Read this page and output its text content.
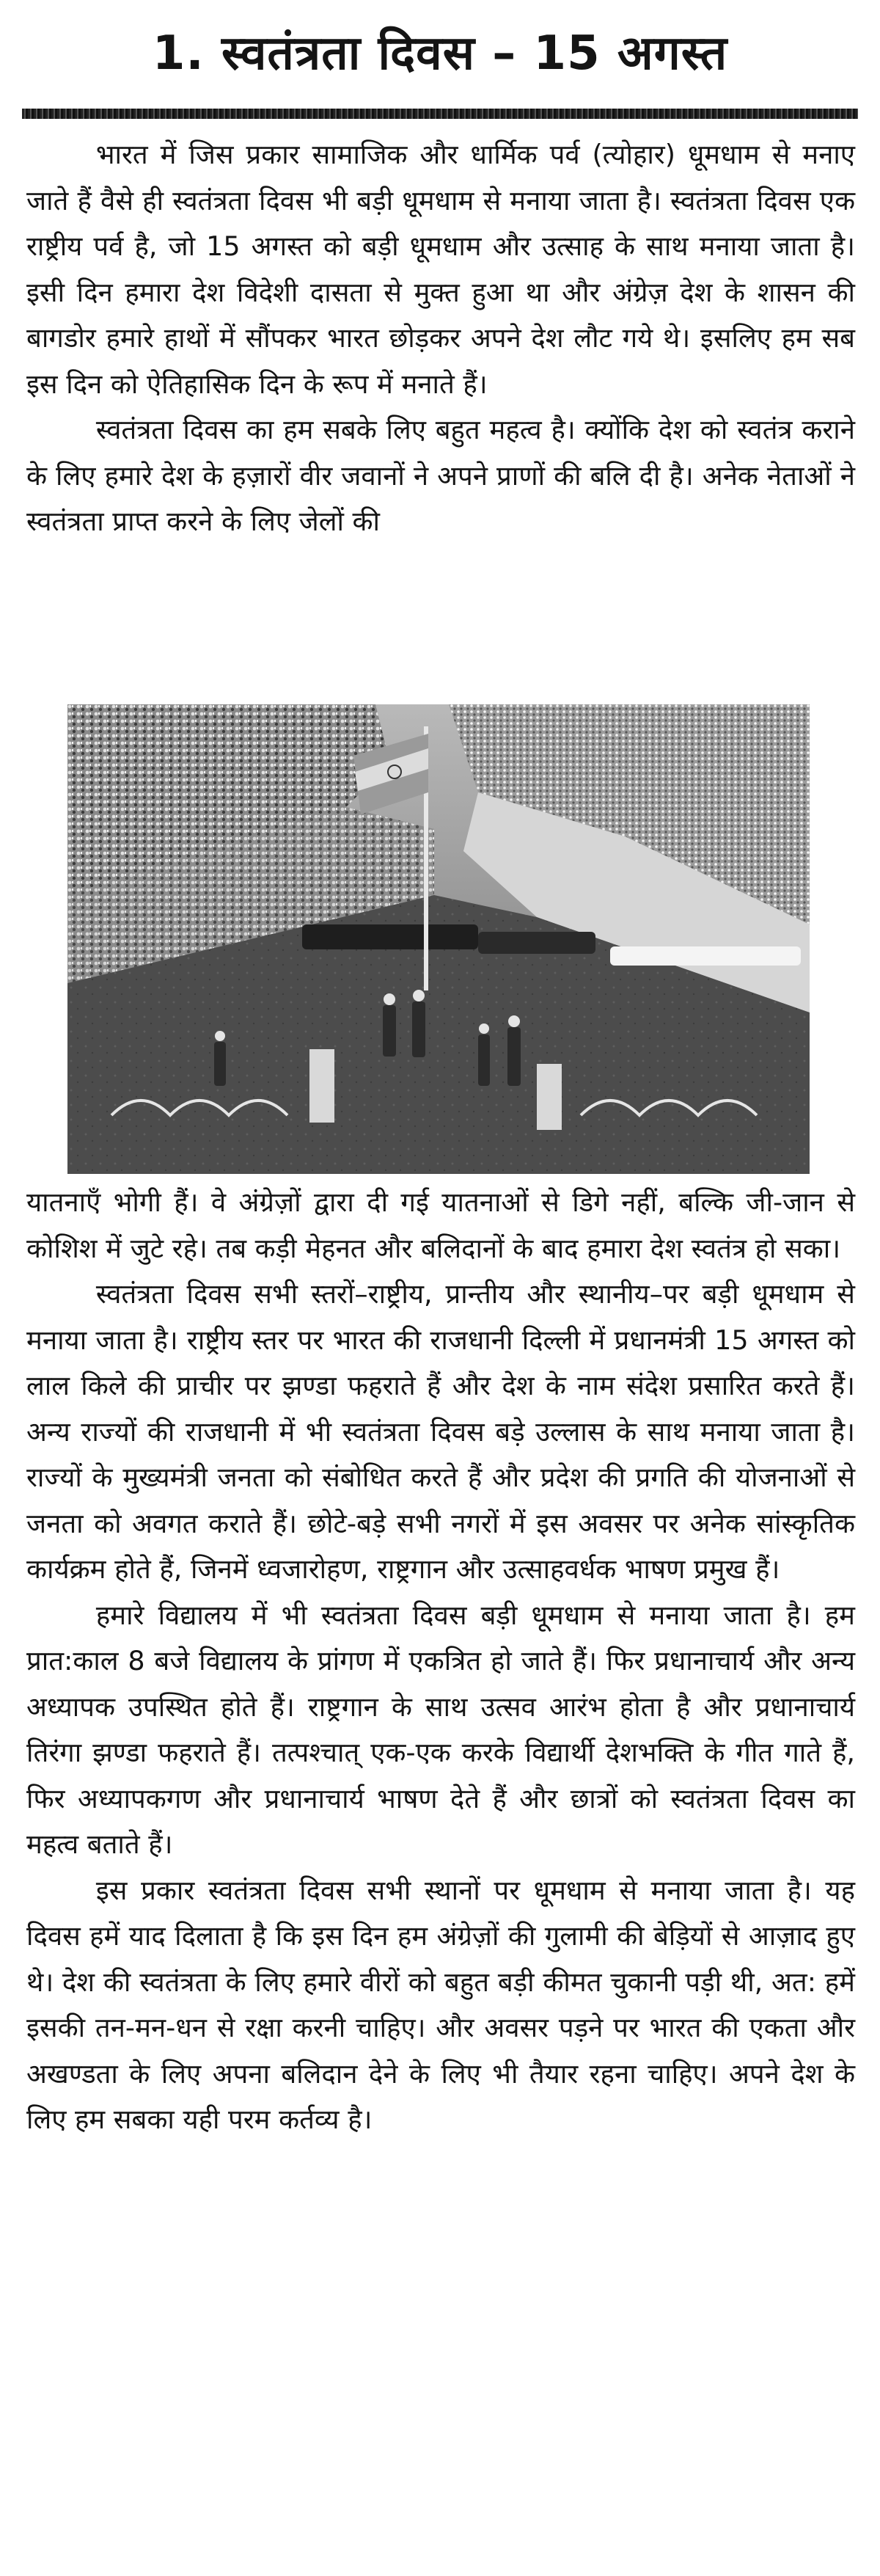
1. स्वतंत्रता दिवस – 15 अगस्त

भारत में जिस प्रकार सामाजिक और धार्मिक पर्व (त्योहार) धूमधाम से मनाए जाते हैं वैसे ही स्वतंत्रता दिवस भी बड़ी धूमधाम से मनाया जाता है। स्वतंत्रता दिवस एक राष्ट्रीय पर्व है, जो 15 अगस्त को बड़ी धूमधाम और उत्साह के साथ मनाया जाता है। इसी दिन हमारा देश विदेशी दासता से मुक्त हुआ था और अंग्रेज़ देश के शासन की बागडोर हमारे हाथों में सौंपकर भारत छोड़कर अपने देश लौट गये थे। इसलिए हम सब इस दिन को ऐतिहासिक दिन के रूप में मनाते हैं।

स्वतंत्रता दिवस का हम सबके लिए बहुत महत्व है। क्योंकि देश को स्वतंत्र कराने के लिए हमारे देश के हज़ारों वीर जवानों ने अपने प्राणों की बलि दी है। अनेक नेताओं ने स्वतंत्रता प्राप्त करने के लिए जेलों की

यातनाएँ भोगी हैं। वे अंग्रेज़ों द्वारा दी गई यातनाओं से डिगे नहीं, बल्कि जी-जान से कोशिश में जुटे रहे। तब कड़ी मेहनत और बलिदानों के बाद हमारा देश स्वतंत्र हो सका।

स्वतंत्रता दिवस सभी स्तरों–राष्ट्रीय, प्रान्तीय और स्थानीय–पर बड़ी धूमधाम से मनाया जाता है। राष्ट्रीय स्तर पर भारत की राजधानी दिल्ली में प्रधानमंत्री 15 अगस्त को लाल किले की प्राचीर पर झण्डा फहराते हैं और देश के नाम संदेश प्रसारित करते हैं। अन्य राज्यों की राजधानी में भी स्वतंत्रता दिवस बड़े उल्लास के साथ मनाया जाता है। राज्यों के मुख्यमंत्री जनता को संबोधित करते हैं और प्रदेश की प्रगति की योजनाओं से जनता को अवगत कराते हैं। छोटे-बड़े सभी नगरों में इस अवसर पर अनेक सांस्कृतिक कार्यक्रम होते हैं, जिनमें ध्वजारोहण, राष्ट्रगान और उत्साहवर्धक भाषण प्रमुख हैं।

हमारे विद्यालय में भी स्वतंत्रता दिवस बड़ी धूमधाम से मनाया जाता है। हम प्रात:काल 8 बजे विद्यालय के प्रांगण में एकत्रित हो जाते हैं। फिर प्रधानाचार्य और अन्य अध्यापक उपस्थित होते हैं। राष्ट्रगान के साथ उत्सव आरंभ होता है और प्रधानाचार्य तिरंगा झण्डा फहराते हैं। तत्पश्चात् एक-एक करके विद्यार्थी देशभक्ति के गीत गाते हैं, फिर अध्यापकगण और प्रधानाचार्य भाषण देते हैं और छात्रों को स्वतंत्रता दिवस का महत्व बताते हैं।

इस प्रकार स्वतंत्रता दिवस सभी स्थानों पर धूमधाम से मनाया जाता है। यह दिवस हमें याद दिलाता है कि इस दिन हम अंग्रेज़ों की गुलामी की बेड़ियों से आज़ाद हुए थे। देश की स्वतंत्रता के लिए हमारे वीरों को बहुत बड़ी कीमत चुकानी पड़ी थी, अत: हमें इसकी तन-मन-धन से रक्षा करनी चाहिए। और अवसर पड़ने पर भारत की एकता और अखण्डता के लिए अपना बलिदान देने के लिए भी तैयार रहना चाहिए। अपने देश के लिए हम सबका यही परम कर्तव्य है।
